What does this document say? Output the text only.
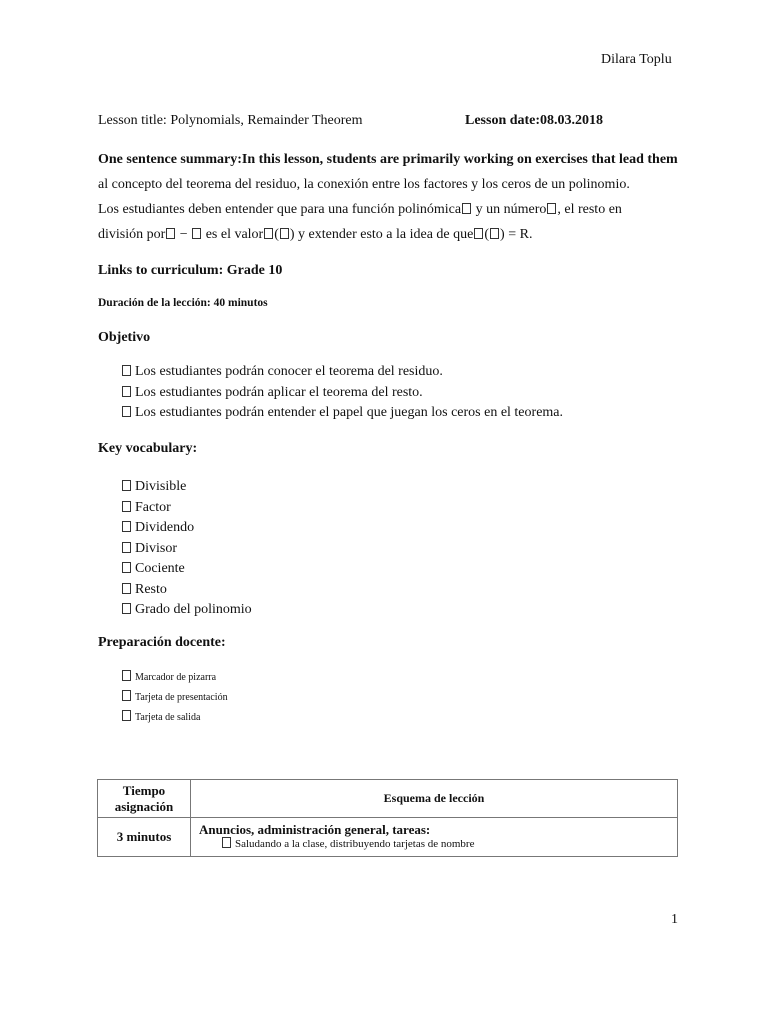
Dilara Toplu
Lesson title: Polynomials, Remainder Theorem	Lesson date:08.03.2018
One sentence summary:In this lesson, students are primarily working on exercises that lead them
al concepto del teorema del residuo, la conexión entre los factores y los ceros de un polinomio.
Los estudiantes deben entender que para una función polinómica y un número , el resto en
división por −  es el valor ( ) y extender esto a la idea de que ( ) = R.
Links to curriculum: Grade 10
Duración de la lección: 40 minutos
Objetivo
Los estudiantes podrán conocer el teorema del residuo.
Los estudiantes podrán aplicar el teorema del resto.
Los estudiantes podrán entender el papel que juegan los ceros en el teorema.
Key vocabulary:
Divisible
Factor
Dividendo
Divisor
Cociente
Resto
Grado del polinomio
Preparación docente:
Marcador de pizarra
Tarjeta de presentación
Tarjeta de salida
Tiempo
asignación	Esquema de lección
3 minutos	Anuncios, administración general, tareas:
Saludando a la clase, distribuyendo tarjetas de nombre
1
